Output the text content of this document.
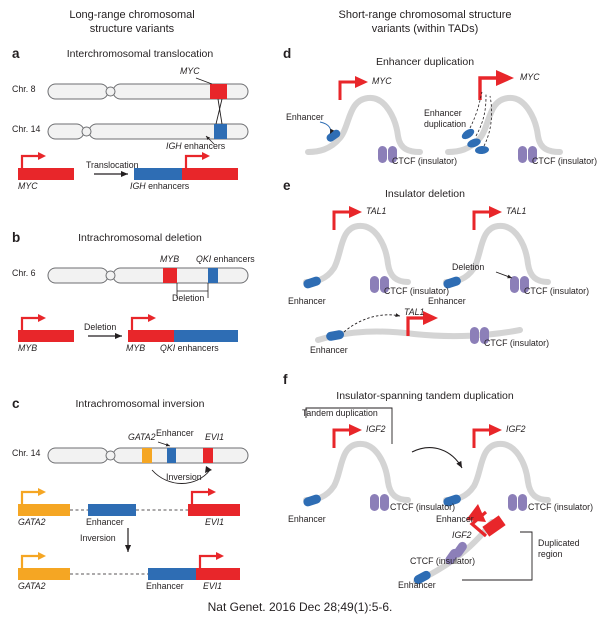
Long-range chromosomal
structure variants
Short-range chromosomal structure
variants (within TADs)
a	Interchromosomal translocation
b	Intrachromosomal deletion
c	Intrachromosomal inversion
d
Enhancer duplication
e
Insulator deletion
f
Insulator-spanning tandem duplication
Chr. 8
Chr. 14
MYC
IGH enhancers
MYC	IGH enhancers
Translocation
Chr. 6
MYB QKI enhancers
Deletion
Deletion
MYB	MYB QKI enhancers
Chr. 14
GATA2 Enhancer EVI1
Inversion
GATA2	Enhancer	EVI1
Inversion
GATA2	Enhancer EVI1
MYC
Enhancer
CTCF (insulator)
MYC
Enhancer
duplication
CTCF (insulator)
TAL1
CTCF (insulator)
Enhancer
TAL1
CTCF (insulator)
Enhancer
Deletion
Enhancer
TAL1
CTCF (insulator)
Tandem duplication
IGF2
CTCF (insulator)
Enhancer
IGF2
CTCF (insulator)
Enhancer
IGF2
CTCF (insulator)
Enhancer
Duplicated
region
Nat Genet. 2016 Dec 28;49(1):5-6.
